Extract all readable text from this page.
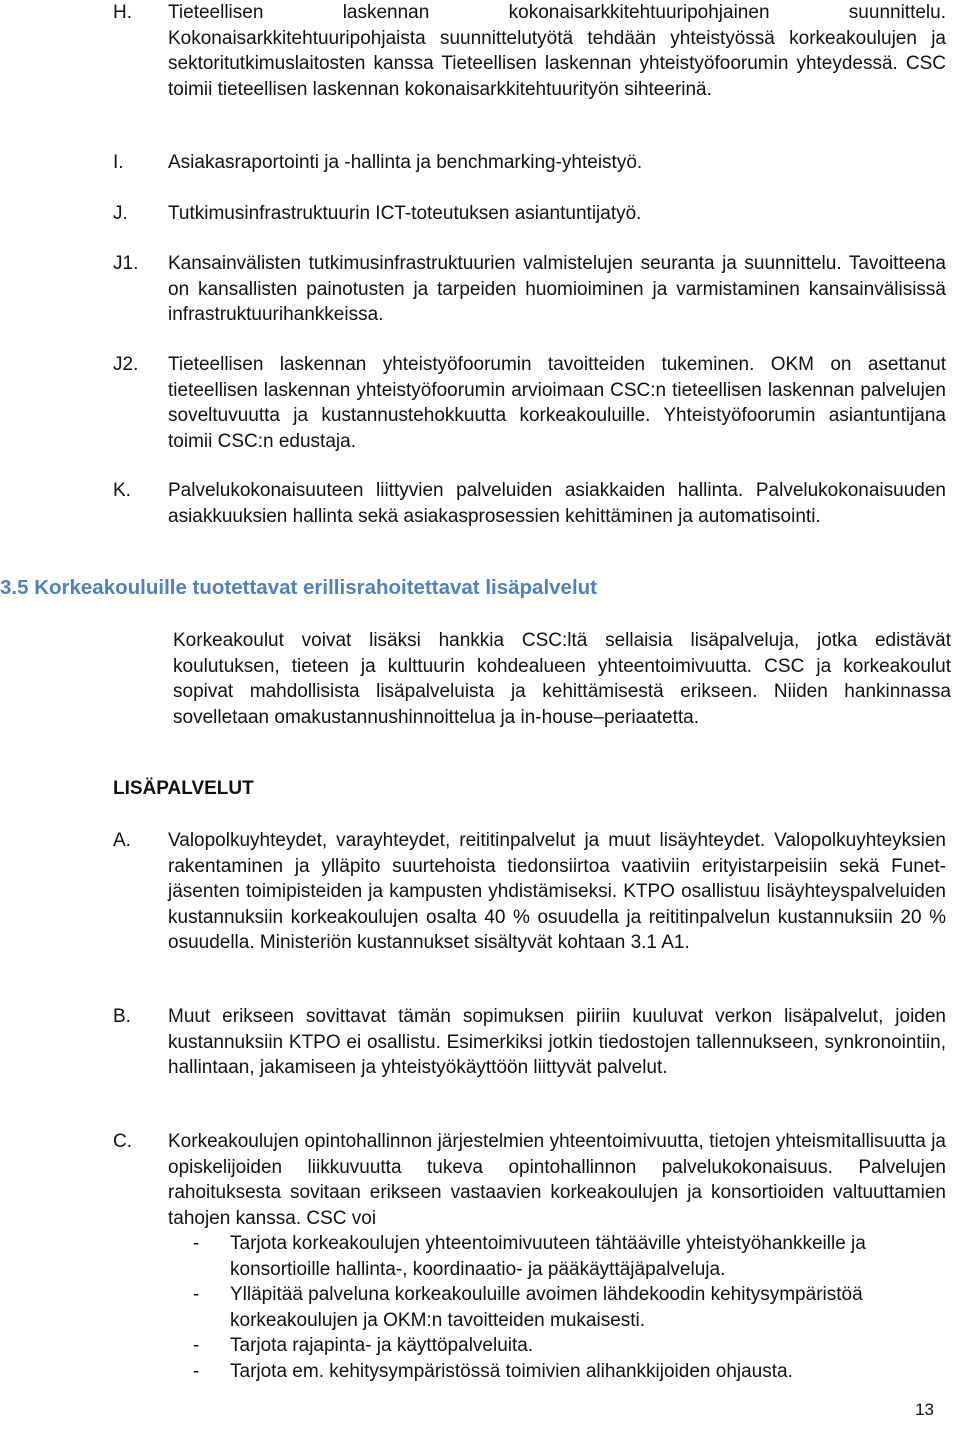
H. Tieteellisen laskennan kokonaisarkkitehtuuripohjainen suunnittelu. Kokonaisarkkitehtuuripohjaista suunnittelutyötä tehdään yhteistyössä korkeakoulujen ja sektoritutkimuslaitosten kanssa Tieteellisen laskennan yhteistyöfoorumin yhteydessä. CSC toimii tieteellisen laskennan kokonaisarkkitehtuurityön sihteerinä.
I. Asiakasraportointi ja -hallinta ja benchmarking-yhteistyö.
J. Tutkimusinfrastruktuurin ICT-toteutuksen asiantuntijatyö.
J1. Kansainvälisten tutkimusinfrastruktuurien valmistelujen seuranta ja suunnittelu. Tavoitteena on kansallisten painotusten ja tarpeiden huomioiminen ja varmistaminen kansainvälisissä infrastruktuurihankkeissa.
J2. Tieteellisen laskennan yhteistyöfoorumin tavoitteiden tukeminen. OKM on asettanut tieteellisen laskennan yhteistyöfoorumin arvioimaan CSC:n tieteellisen laskennan palvelujen soveltuvuutta ja kustannustehokkuutta korkeakouluille. Yhteistyöfoorumin asiantuntijana toimii CSC:n edustaja.
K. Palvelukokonaisuuteen liittyvien palveluiden asiakkaiden hallinta. Palvelukokonaisuuden asiakkuuksien hallinta sekä asiakasprosessien kehittäminen ja automatisointi.
3.5 Korkeakouluille tuotettavat erillisrahoitettavat lisäpalvelut
Korkeakoulut voivat lisäksi hankkia CSC:ltä sellaisia lisäpalveluja, jotka edistävät koulutuksen, tieteen ja kulttuurin kohdealueen yhteentoimivuutta. CSC ja korkeakoulut sopivat mahdollisista lisäpalveluista ja kehittämisestä erikseen. Niiden hankinnassa sovelletaan omakustannushinnoittelua ja in-house–periaatetta.
LISÄPALVELUT
A. Valopolkuyhteydet, varayhteydet, reititinpalvelut ja muut lisäyhteydet. Valopolkuyhteyksien rakentaminen ja ylläpito suurtehoista tiedonsiirtoa vaativiin erityistarpeisiin sekä Funet-jäsenten toimipisteiden ja kampusten yhdistämiseksi. KTPO osallistuu lisäyhteyspalveluiden kustannuksiin korkeakoulujen osalta 40 % osuudella ja reititinpalvelun kustannuksiin 20 % osuudella. Ministeriön kustannukset sisältyvät kohtaan 3.1 A1.
B. Muut erikseen sovittavat tämän sopimuksen piiriin kuuluvat verkon lisäpalvelut, joiden kustannuksiin KTPO ei osallistu. Esimerkiksi jotkin tiedostojen tallennukseen, synkronointiin, hallintaan, jakamiseen ja yhteistyökäyttöön liittyvät palvelut.
C. Korkeakoulujen opintohallinnon järjestelmien yhteentoimivuutta, tietojen yhteismitallisuutta ja opiskelijoiden liikkuvuutta tukeva opintohallinnon palvelukokonaisuus. Palvelujen rahoituksesta sovitaan erikseen vastaavien korkeakoulujen ja konsortioiden valtuuttamien tahojen kanssa. CSC voi
- Tarjota korkeakoulujen yhteentoimivuuteen tähtääville yhteistyöhankkeille ja konsortioille hallinta-, koordinaatio- ja pääkäyttäjäpalveluja.
- Ylläpitää palveluna korkeakouluille avoimen lähdekoodin kehitysympäristöä korkeakoulujen ja OKM:n tavoitteiden mukaisesti.
- Tarjota rajapinta- ja käyttöpalveluita.
- Tarjota em. kehitysympäristössä toimivien alihankkijoiden ohjausta.
13
